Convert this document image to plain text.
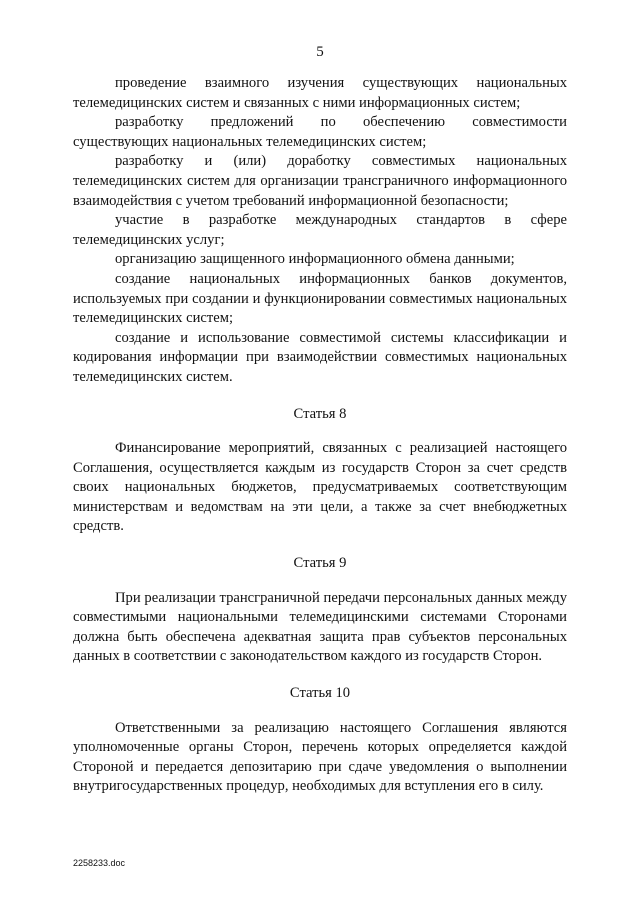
5

проведение взаимного изучения существующих национальных телемедицинских систем и связанных с ними информационных систем;

разработку предложений по обеспечению совместимости существующих национальных телемедицинских систем;

разработку и (или) доработку совместимых национальных телемедицинских систем для организации трансграничного информационного взаимодействия с учетом требований информационной безопасности;

участие в разработке международных стандартов в сфере телемедицинских услуг;

организацию защищенного информационного обмена данными;

создание национальных информационных банков документов, используемых при создании и функционировании совместимых национальных телемедицинских систем;

создание и использование совместимой системы классификации и кодирования информации при взаимодействии совместимых национальных телемедицинских систем.

Статья 8

Финансирование мероприятий, связанных с реализацией настоящего Соглашения, осуществляется каждым из государств Сторон за счет средств своих национальных бюджетов, предусматриваемых соответствующим министерствам и ведомствам на эти цели, а также за счет внебюджетных средств.

Статья 9

При реализации трансграничной передачи персональных данных между совместимыми национальными телемедицинскими системами Сторонами должна быть обеспечена адекватная защита прав субъектов персональных данных в соответствии с законодательством каждого из государств Сторон.

Статья 10

Ответственными за реализацию настоящего Соглашения являются уполномоченные органы Сторон, перечень которых определяется каждой Стороной и передается депозитарию при сдаче уведомления о выполнении внутригосударственных процедур, необходимых для вступления его в силу.

2258233.doc
